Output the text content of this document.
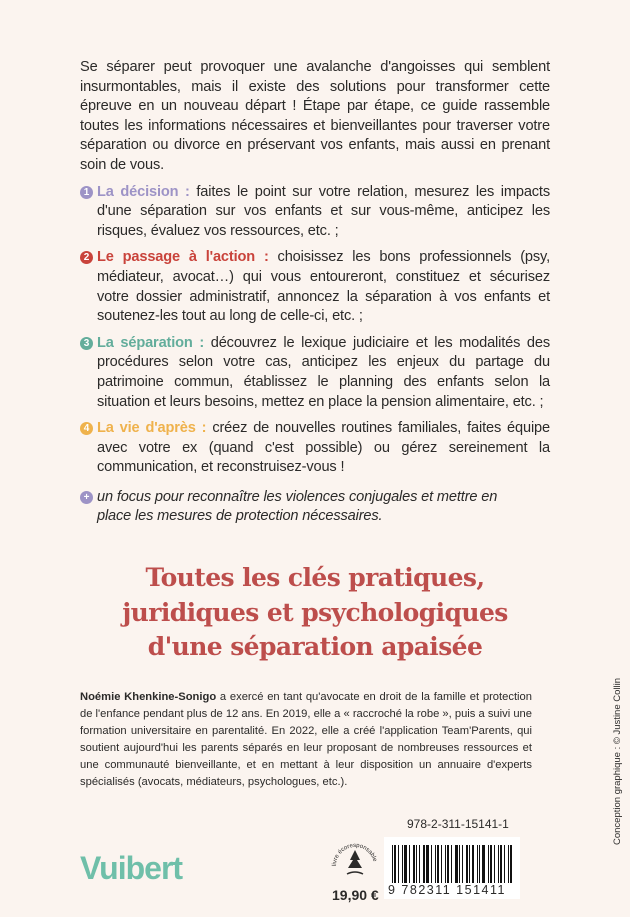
Se séparer peut provoquer une avalanche d'angoisses qui semblent insurmontables, mais il existe des solutions pour transformer cette épreuve en un nouveau départ ! Étape par étape, ce guide rassemble toutes les informations nécessaires et bienveillantes pour traverser votre séparation ou divorce en préservant vos enfants, mais aussi en prenant soin de vous.
1 La décision : faites le point sur votre relation, mesurez les impacts d'une séparation sur vos enfants et sur vous-même, anticipez les risques, évaluez vos ressources, etc. ;
2 Le passage à l'action : choisissez les bons professionnels (psy, médiateur, avocat…) qui vous entoureront, constituez et sécurisez votre dossier administratif, annoncez la séparation à vos enfants et soutenez-les tout au long de celle-ci, etc. ;
3 La séparation : découvrez le lexique judiciaire et les modalités des procédures selon votre cas, anticipez les enjeux du partage du patrimoine commun, établissez le planning des enfants selon la situation et leurs besoins, mettez en place la pension alimentaire, etc. ;
4 La vie d'après : créez de nouvelles routines familiales, faites équipe avec votre ex (quand c'est possible) ou gérez sereinement la communication, et reconstruisez-vous !
+ un focus pour reconnaître les violences conjugales et mettre en place les mesures de protection nécessaires.
Toutes les clés pratiques,
juridiques et psychologiques
d'une séparation apaisée
Noémie Khenkine-Sonigo a exercé en tant qu'avocate en droit de la famille et protection de l'enfance pendant plus de 12 ans. En 2019, elle a « raccroché la robe », puis a suivi une formation universitaire en parentalité. En 2022, elle a créé l'application Team'Parents, qui soutient aujourd'hui les parents séparés en leur proposant de nombreuses ressources et une communauté bienveillante, et en mettant à leur disposition un annuaire d'experts spécialisés (avocats, médiateurs, psychologues, etc.).
Vuibert	livre écoresponsable
19,90 €
978-2-311-15141-1
9 782311 151411
Conception graphique : © Justine Collin
